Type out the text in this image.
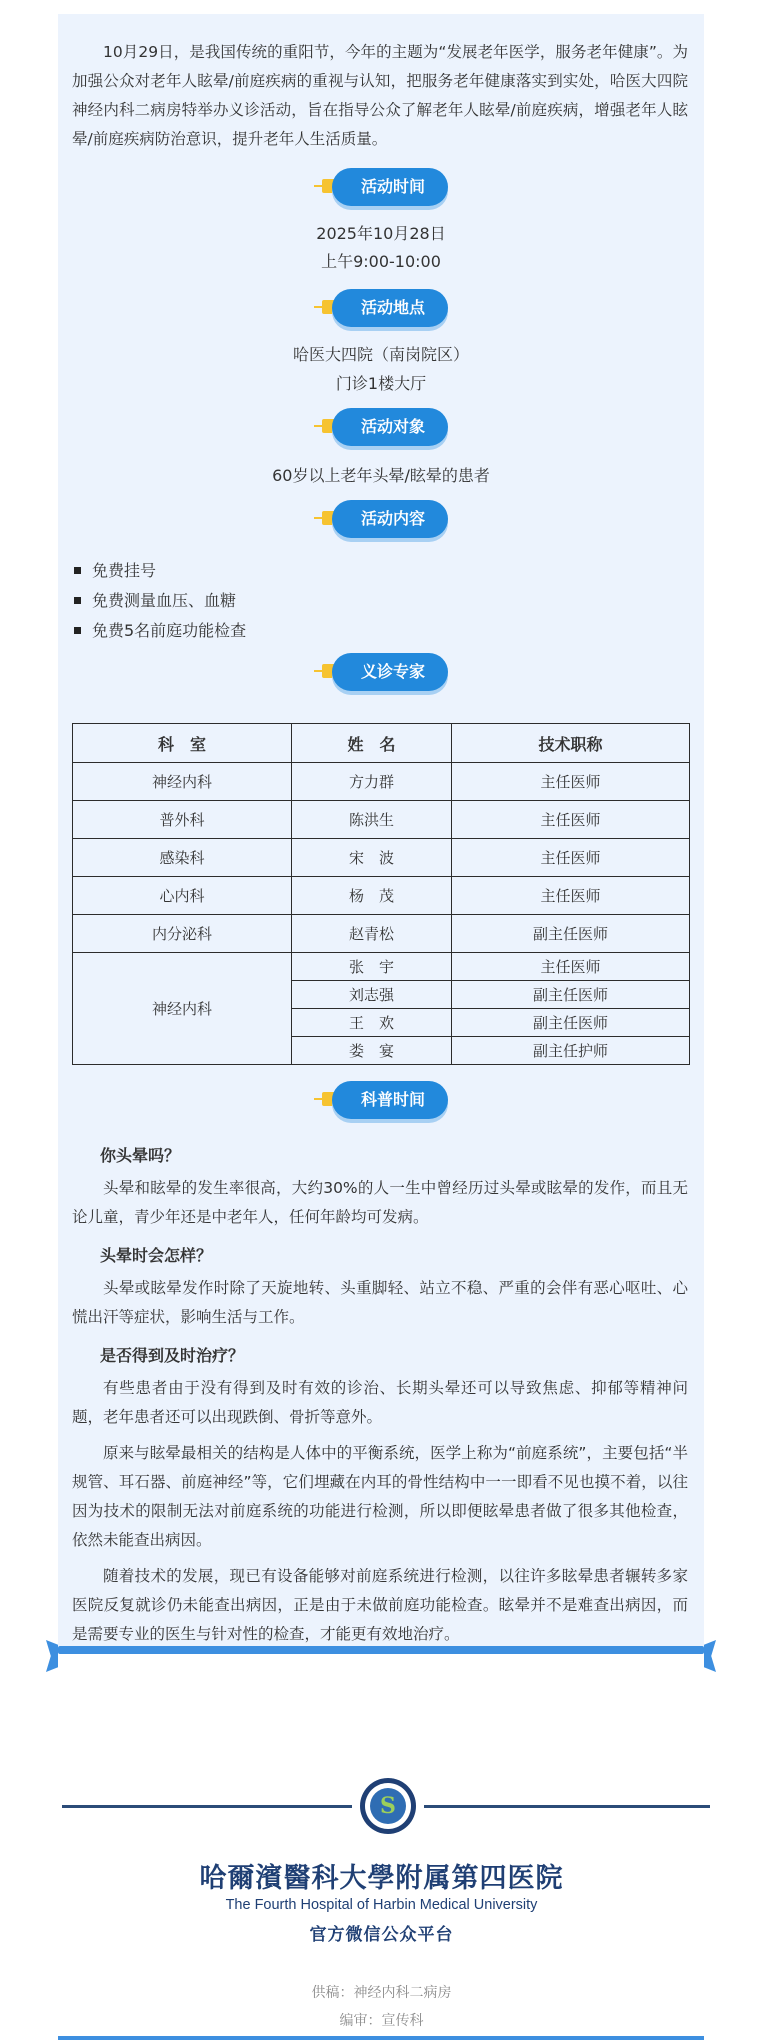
10月29日，是我国传统的重阳节，今年的主题为“发展老年医学，服务老年健康”。为加强公众对老年人眩晕/前庭疾病的重视与认知，把服务老年健康落实到实处，哈医大四院神经内科二病房特举办义诊活动，旨在指导公众了解老年人眩晕/前庭疾病，增强老年人眩晕/前庭疾病防治意识，提升老年人生活质量。

活动时间

2025年10月28日

上午9:00-10:00

活动地点

哈医大四院（南岗院区）

门诊1楼大厅

活动对象

60岁以上老年头晕/眩晕的患者

活动内容
免费挂号
免费测量血压、血糖
免费5名前庭功能检查
义诊专家
科　室	姓　名	技术职称
神经内科	方力群	主任医师
普外科	陈洪生	主任医师
感染科	宋　波	主任医师
心内科	杨　茂	主任医师
内分泌科	赵青松	副主任医师
神经内科	张　宇	主任医师
	刘志强	副主任医师
	王　欢	副主任医师
	娄　宴	副主任护师
科普时间

你头晕吗？

头晕和眩晕的发生率很高，大约30%的人一生中曾经历过头晕或眩晕的发作，而且无论儿童，青少年还是中老年人，任何年龄均可发病。

头晕时会怎样？

头晕或眩晕发作时除了天旋地转、头重脚轻、站立不稳、严重的会伴有恶心呕吐、心慌出汗等症状，影响生活与工作。

是否得到及时治疗？

有些患者由于没有得到及时有效的诊治、长期头晕还可以导致焦虑、抑郁等精神问题，老年患者还可以出现跌倒、骨折等意外。

原来与眩晕最相关的结构是人体中的平衡系统，医学上称为“前庭系统”，主要包括“半规管、耳石器、前庭神经”等，它们埋藏在内耳的骨性结构中一一即看不见也摸不着，以往因为技术的限制无法对前庭系统的功能进行检测，所以即便眩晕患者做了很多其他检查，依然未能查出病因。

随着技术的发展，现已有设备能够对前庭系统进行检测，以往许多眩晕患者辗转多家医院反复就诊仍未能查出病因，正是由于未做前庭功能检查。眩晕并不是难查出病因，而是需要专业的医生与针对性的检查，才能更有效地治疗。

S

哈爾濱醫科大學附属第四医院

The Fourth Hospital of Harbin Medical University

官方微信公众平台

供稿：神经内科二病房

编审：宣传科
